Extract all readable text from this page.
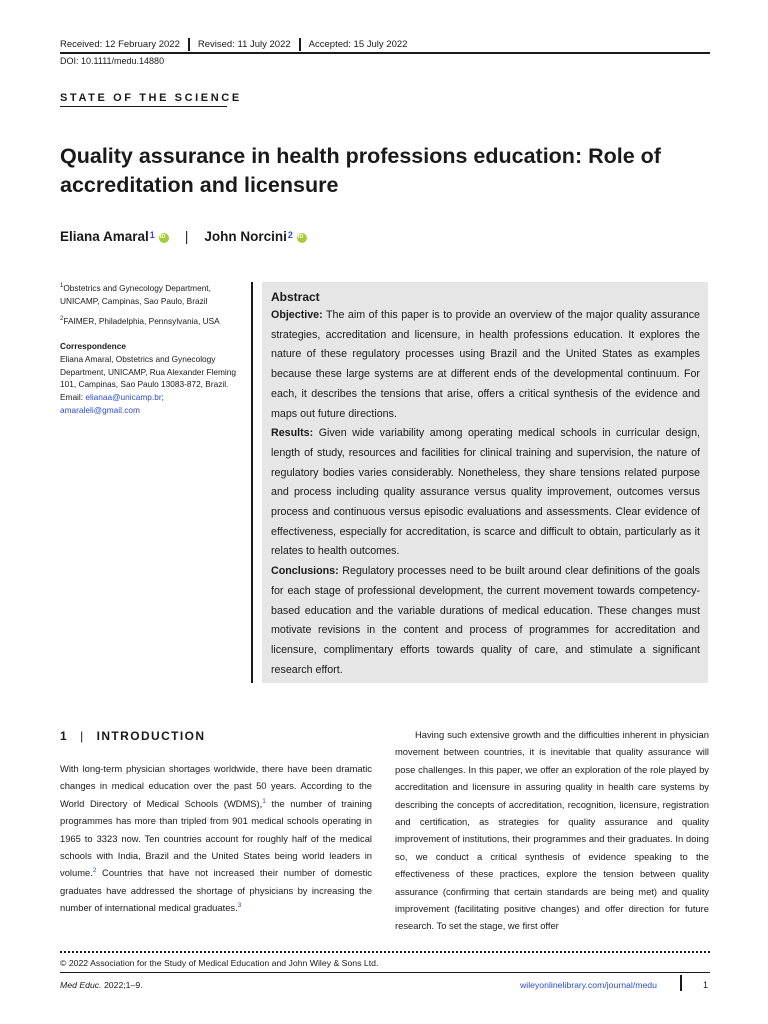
Received: 12 February 2022 Revised: 11 July 2022 Accepted: 15 July 2022
DOI: 10.1111/medu.14880
STATE OF THE SCIENCE
Quality assurance in health professions education: Role of accreditation and licensure
Eliana Amaral$^1$
iD | John Norcini$^2$
iD

$^1$Obstetrics and Gynecology Department, UNICAMP, Campinas, Sao Paulo, Brazil

$^2$FAIMER, Philadelphia, Pennsylvania, USA

Correspondence

Eliana Amaral, Obstetrics and Gynecology Department, UNICAMP, Rua Alexander Fleming 101, Campinas, Sao Paulo 13083-872, Brazil.

Email: elianaa@unicamp.br;
amaraleli@gmail.com

Abstract

Objective: The aim of this paper is to provide an overview of the major quality assurance strategies, accreditation and licensure, in health professions education. It explores the nature of these regulatory processes using Brazil and the United States as examples because these large systems are at different ends of the developmental continuum. For each, it describes the tensions that arise, offers a critical synthesis of the evidence and maps out future directions.

Results: Given wide variability among operating medical schools in curricular design, length of study, resources and facilities for clinical training and supervision, the nature of regulatory bodies varies considerably. Nonetheless, they share tensions related purpose and process including quality assurance versus quality improvement, outcomes versus process and continuous versus episodic evaluations and assessments. Clear evidence of effectiveness, especially for accreditation, is scarce and difficult to obtain, particularly as it relates to health outcomes.

Conclusions: Regulatory processes need to be built around clear definitions of the goals for each stage of professional development, the current movement towards competency-based education and the variable durations of medical education. These changes must motivate revisions in the content and process of programmes for accreditation and licensure, complimentary efforts towards quality of care, and stimulate a significant research effort.

1 | INTRODUCTION

With long-term physician shortages worldwide, there have been dramatic changes in medical education over the past 50 years. According to the World Directory of Medical Schools (WDMS),$^1$ the number of training programmes has more than tripled from 901 medical schools operating in 1965 to 3323 now. Ten countries account for roughly half of the medical schools with India, Brazil and the United States being world leaders in volume.$^2$ Countries that have not increased their number of domestic graduates have addressed the shortage of physicians by increasing the number of international medical graduates.$^3$

Having such extensive growth and the difficulties inherent in physician movement between countries, it is inevitable that quality assurance will pose challenges. In this paper, we offer an exploration of the role played by accreditation and licensure in assuring quality in health care systems by describing the concepts of accreditation, recognition, licensure, registration and certification, as strategies for quality assurance and quality improvement of institutions, their programmes and their graduates. In doing so, we conduct a critical synthesis of evidence speaking to the effectiveness of these practices, explore the tension between quality assurance (confirming that certain standards are being met) and quality improvement (facilitating positive changes) and offer direction for future research. To set the stage, we first offer

© 2022 Association for the Study of Medical Education and John Wiley & Sons Ltd.
Med Educ. 2022;1–9.	wileyonlinelibrary.com/journal/medu	1
